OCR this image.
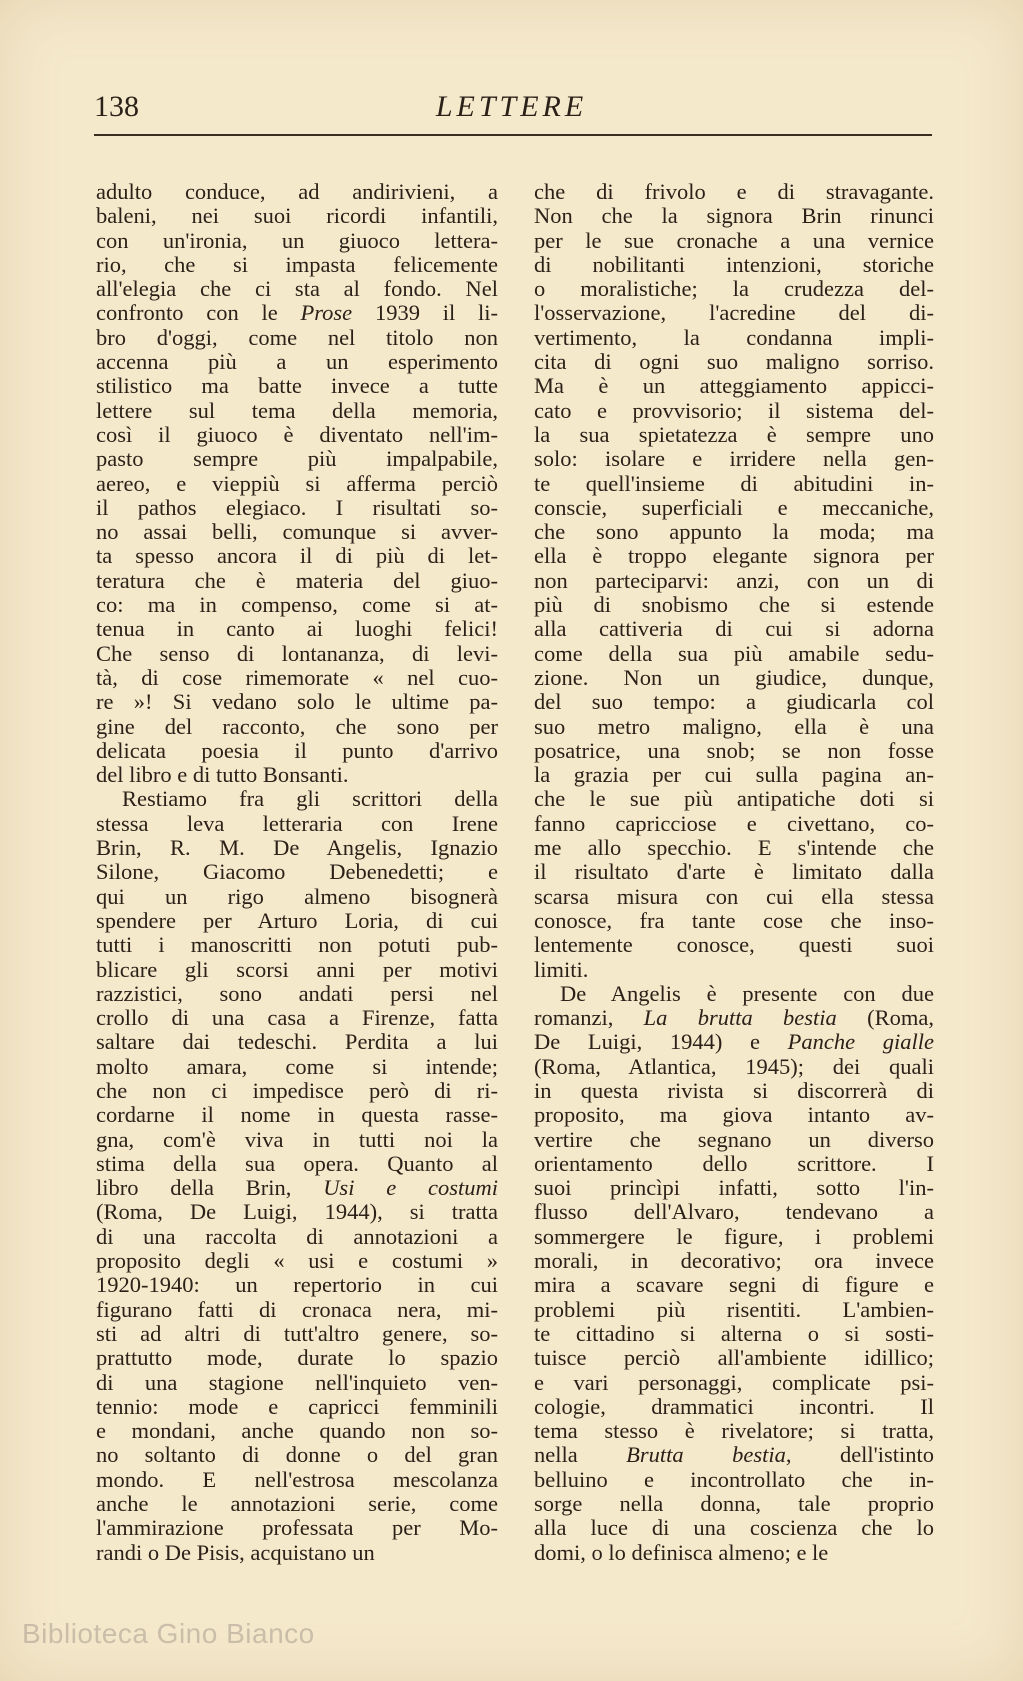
138	LETTERE
adulto conduce, ad andirivieni, a
baleni, nei suoi ricordi infantili,
con un'ironia, un giuoco lettera-
rio, che si impasta felicemente
all'elegia che ci sta al fondo. Nel
confronto con le Prose 1939 il li-
bro d'oggi, come nel titolo non
accenna più a un esperimento
stilistico ma batte invece a tutte
lettere sul tema della memoria,
così il giuoco è diventato nell'im-
pasto sempre più impalpabile,
aereo, e vieppiù si afferma perciò
il pathos elegiaco. I risultati so-
no assai belli, comunque si avver-
ta spesso ancora il di più di let-
teratura che è materia del giuo-
co: ma in compenso, come si at-
tenua in canto ai luoghi felici!
Che senso di lontananza, di levi-
tà, di cose rimemorate « nel cuo-
re »! Si vedano solo le ultime pa-
gine del racconto, che sono per
delicata poesia il punto d'arrivo
del libro e di tutto Bonsanti.
Restiamo fra gli scrittori della
stessa leva letteraria con Irene
Brin, R. M. De Angelis, Ignazio
Silone, Giacomo Debenedetti; e
qui un rigo almeno bisognerà
spendere per Arturo Loria, di cui
tutti i manoscritti non potuti pub-
blicare gli scorsi anni per motivi
razzistici, sono andati persi nel
crollo di una casa a Firenze, fatta
saltare dai tedeschi. Perdita a lui
molto amara, come si intende;
che non ci impedisce però di ri-
cordarne il nome in questa rasse-
gna, com'è viva in tutti noi la
stima della sua opera. Quanto al
libro della Brin, Usi e costumi
(Roma, De Luigi, 1944), si tratta
di una raccolta di annotazioni a
proposito degli « usi e costumi »
1920-1940: un repertorio in cui
figurano fatti di cronaca nera, mi-
sti ad altri di tutt'altro genere, so-
prattutto mode, durate lo spazio
di una stagione nell'inquieto ven-
tennio: mode e capricci femminili
e mondani, anche quando non so-
no soltanto di donne o del gran
mondo. E nell'estrosa mescolanza
anche le annotazioni serie, come
l'ammirazione professata per Mo-
randi o De Pisis, acquistano un
che di frivolo e di stravagante.
Non che la signora Brin rinunci
per le sue cronache a una vernice
di nobilitanti intenzioni, storiche
o moralistiche; la crudezza del-
l'osservazione, l'acredine del di-
vertimento, la condanna impli-
cita di ogni suo maligno sorriso.
Ma è un atteggiamento appicci-
cato e provvisorio; il sistema del-
la sua spietatezza è sempre uno
solo: isolare e irridere nella gen-
te quell'insieme di abitudini in-
conscie, superficiali e meccaniche,
che sono appunto la moda; ma
ella è troppo elegante signora per
non parteciparvi: anzi, con un di
più di snobismo che si estende
alla cattiveria di cui si adorna
come della sua più amabile sedu-
zione. Non un giudice, dunque,
del suo tempo: a giudicarla col
suo metro maligno, ella è una
posatrice, una snob; se non fosse
la grazia per cui sulla pagina an-
che le sue più antipatiche doti si
fanno capricciose e civettano, co-
me allo specchio. E s'intende che
il risultato d'arte è limitato dalla
scarsa misura con cui ella stessa
conosce, fra tante cose che inso-
lentemente conosce, questi suoi
limiti.
De Angelis è presente con due
romanzi, La brutta bestia (Roma,
De Luigi, 1944) e Panche gialle
(Roma, Atlantica, 1945); dei quali
in questa rivista si discorrerà di
proposito, ma giova intanto av-
vertire che segnano un diverso
orientamento dello scrittore. I
suoi princìpi infatti, sotto l'in-
flusso dell'Alvaro, tendevano a
sommergere le figure, i problemi
morali, in decorativo; ora invece
mira a scavare segni di figure e
problemi più risentiti. L'ambien-
te cittadino si alterna o si sosti-
tuisce perciò all'ambiente idillico;
e vari personaggi, complicate psi-
cologie, drammatici incontri. Il
tema stesso è rivelatore; si tratta,
nella Brutta bestia, dell'istinto
belluino e incontrollato che in-
sorge nella donna, tale proprio
alla luce di una coscienza che lo
domi, o lo definisca almeno; e le
Biblioteca Gino Bianco
